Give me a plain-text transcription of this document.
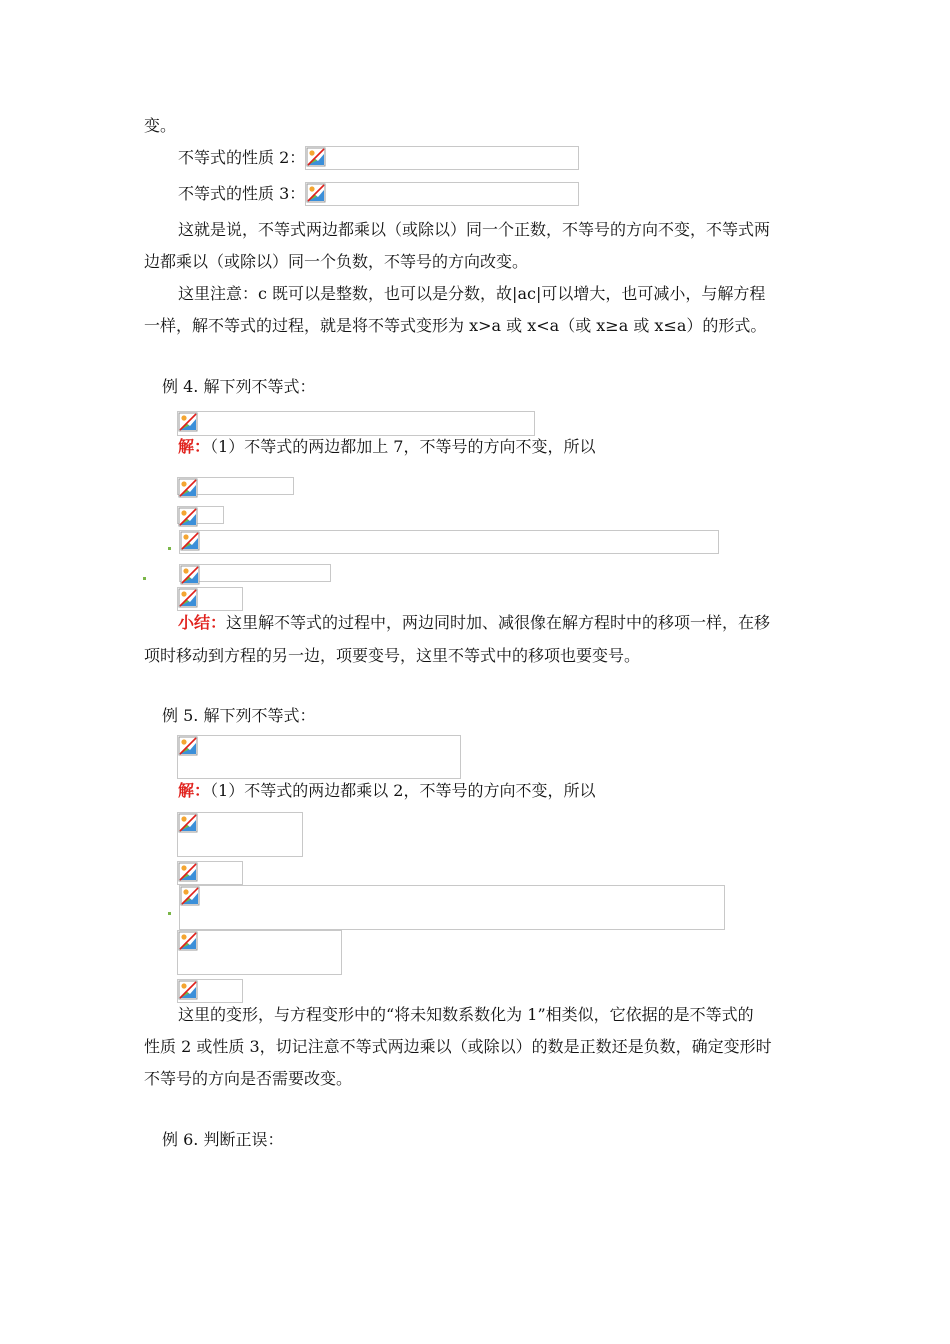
变。
不等式的性质 2：
不等式的性质 3：
这就是说，不等式两边都乘以（或除以）同一个正数，不等号的方向不变，不等式两
边都乘以（或除以）同一个负数，不等号的方向改变。
这里注意：c 既可以是整数，也可以是分数，故|ac|可以增大，也可减小，与解方程
一样，解不等式的过程，就是将不等式变形为 x>a 或 x<a（或 x≥a 或 x≤a）的形式。
例 4. 解下列不等式：
解：（1）不等式的两边都加上 7，不等号的方向不变，所以
小结：这里解不等式的过程中，两边同时加、减很像在解方程时中的移项一样，在移
项时移动到方程的另一边，项要变号，这里不等式中的移项也要变号。
例 5. 解下列不等式：
解：（1）不等式的两边都乘以 2，不等号的方向不变，所以
这里的变形，与方程变形中的“将未知数系数化为 1”相类似，它依据的是不等式的
性质 2 或性质 3，切记注意不等式两边乘以（或除以）的数是正数还是负数，确定变形时
不等号的方向是否需要改变。
例 6. 判断正误：
